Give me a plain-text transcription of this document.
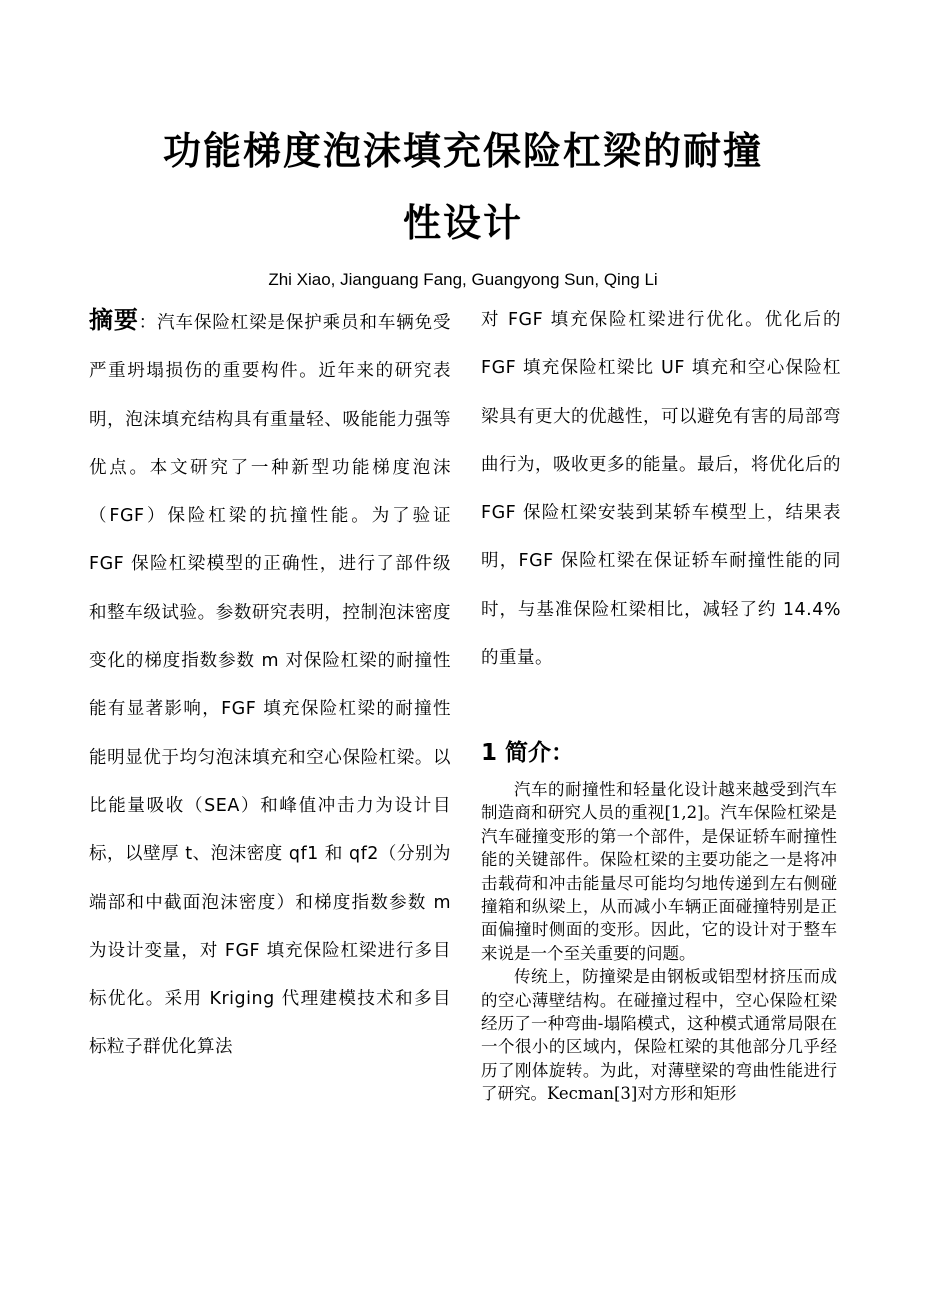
功能梯度泡沫填充保险杠梁的耐撞
性设计
Zhi Xiao, Jianguang Fang, Guangyong Sun, Qing Li
摘要：汽车保险杠梁是保护乘员和车辆免受严重坍塌损伤的重要构件。近年来的研究表明，泡沫填充结构具有重量轻、吸能能力强等优点。本文研究了一种新型功能梯度泡沫（FGF）保险杠梁的抗撞性能。为了验证 FGF 保险杠梁模型的正确性，进行了部件级和整车级试验。参数研究表明，控制泡沫密度变化的梯度指数参数 m 对保险杠梁的耐撞性能有显著影响，FGF 填充保险杠梁的耐撞性能明显优于均匀泡沫填充和空心保险杠梁。以比能量吸收（SEA）和峰值冲击力为设计目标，以壁厚 t、泡沫密度 qf1 和 qf2（分别为端部和中截面泡沫密度）和梯度指数参数 m 为设计变量，对 FGF 填充保险杠梁进行多目标优化。采用 Kriging 代理建模技术和多目标粒子群优化算法
对 FGF 填充保险杠梁进行优化。优化后的 FGF 填充保险杠梁比 UF 填充和空心保险杠梁具有更大的优越性，可以避免有害的局部弯曲行为，吸收更多的能量。最后，将优化后的 FGF 保险杠梁安装到某轿车模型上，结果表明，FGF 保险杠梁在保证轿车耐撞性能的同时，与基准保险杠梁相比，减轻了约 14.4%的重量。
1 简介：

汽车的耐撞性和轻量化设计越来越受到汽车制造商和研究人员的重视[1,2]。汽车保险杠梁是汽车碰撞变形的第一个部件，是保证轿车耐撞性能的关键部件。保险杠梁的主要功能之一是将冲击载荷和冲击能量尽可能均匀地传递到左右侧碰撞箱和纵梁上，从而减小车辆正面碰撞特别是正面偏撞时侧面的变形。因此，它的设计对于整车来说是一个至关重要的问题。

传统上，防撞梁是由钢板或铝型材挤压而成的空心薄壁结构。在碰撞过程中，空心保险杠梁经历了一种弯曲-塌陷模式，这种模式通常局限在一个很小的区域内，保险杠梁的其他部分几乎经历了刚体旋转。为此，对薄壁梁的弯曲性能进行了研究。Kecman[3]对方形和矩形
